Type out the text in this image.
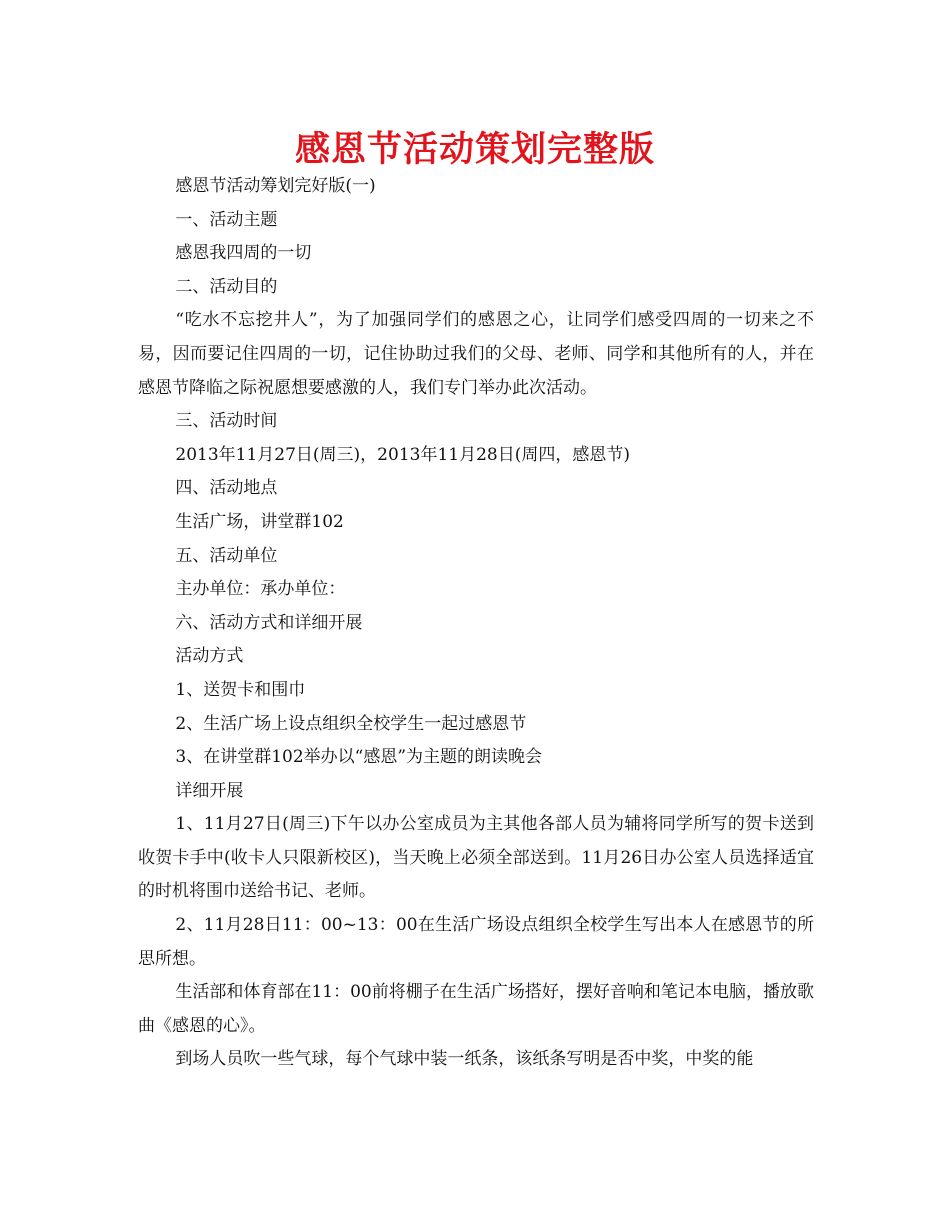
感恩节活动策划完整版

感恩节活动筹划完好版(一)

一、活动主题

感恩我四周的一切

二、活动目的

“吃水不忘挖井人”，为了加强同学们的感恩之心，让同学们感受四周的一切来之不易，因而要记住四周的一切，记住协助过我们的父母、老师、同学和其他所有的人，并在感恩节降临之际祝愿想要感激的人，我们专门举办此次活动。

三、活动时间

2013年11月27日(周三)，2013年11月28日(周四，感恩节)

四、活动地点

生活广场，讲堂群102

五、活动单位

主办单位：承办单位：

六、活动方式和详细开展

活动方式

1、送贺卡和围巾

2、生活广场上设点组织全校学生一起过感恩节

3、在讲堂群102举办以“感恩”为主题的朗读晚会

详细开展

1、11月27日(周三)下午以办公室成员为主其他各部人员为辅将同学所写的贺卡送到收贺卡手中(收卡人只限新校区)，当天晚上必须全部送到。11月26日办公室人员选择适宜的时机将围巾送给书记、老师。

2、11月28日11：00~13：00在生活广场设点组织全校学生写出本人在感恩节的所思所想。

生活部和体育部在11：00前将棚子在生活广场搭好，摆好音响和笔记本电脑，播放歌曲《感恩的心》。

到场人员吹一些气球，每个气球中装一纸条，该纸条写明是否中奖，中奖的能
